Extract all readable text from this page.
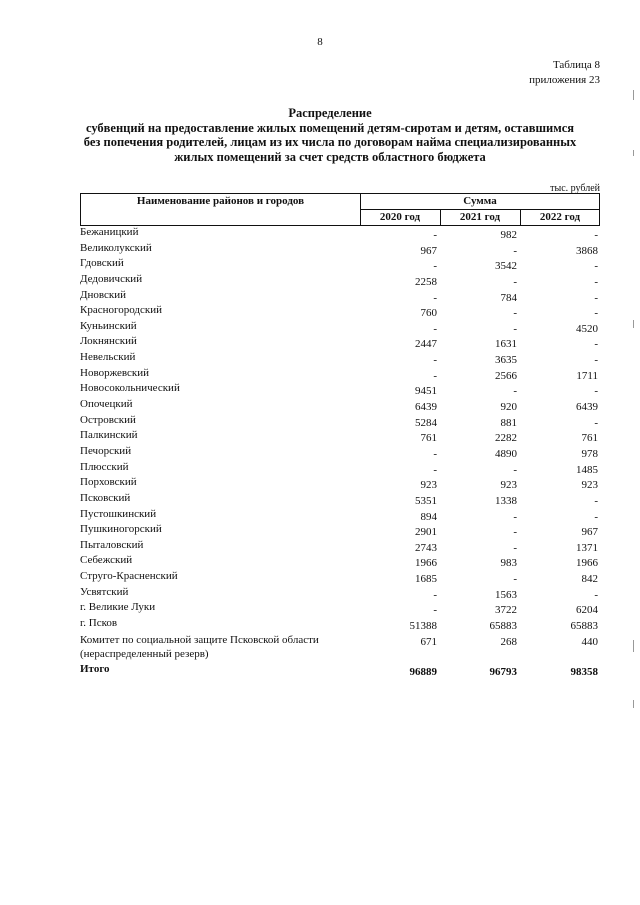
8
Таблица 8
приложения 23
Распределение
субвенций на предоставление жилых помещений детям-сиротам и детям, оставшимся
без попечения родителей, лицам из их числа по договорам найма специализированных
жилых помещений за счет средств областного бюджета
тыс. рублей
Наименование районов и городов	Сумма
2020 год	2021 год	2022 год
Бежаницкий	-	982	-
Великолукский	967	-	3868
Гдовский	-	3542	-
Дедовичский	2258	-	-
Дновский	-	784	-
Красногородский	760	-	-
Куньинский	-	-	4520
Локнянский	2447	1631	-
Невельский	-	3635	-
Новоржевский	-	2566	1711
Новосокольнический	9451	-	-
Опочецкий	6439	920	6439
Островский	5284	881	-
Палкинский	761	2282	761
Печорский	-	4890	978
Плюсский	-	-	1485
Порховский	923	923	923
Псковский	5351	1338	-
Пустошкинский	894	-	-
Пушкиногорский	2901	-	967
Пыталовский	2743	-	1371
Себежский	1966	983	1966
Струго-Красненский	1685	-	842
Усвятский	-	1563	-
г. Великие Луки	-	3722	6204
г. Псков	51388	65883	65883
Комитет по социальной защите Псковской области (нераспределенный резерв)
671	268	440
Итого	96889	96793	98358
